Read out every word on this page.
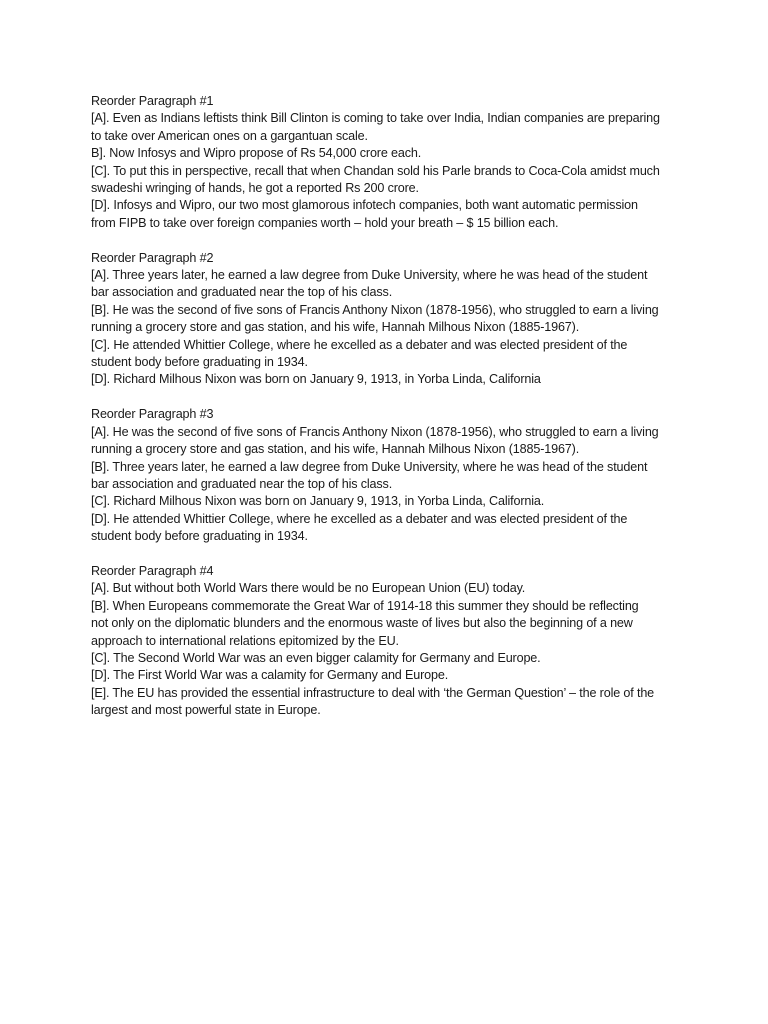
Reorder Paragraph #1

[A]. Even as Indians leftists think Bill Clinton is coming to take over India, Indian companies are preparing
to take over American ones on a gargantuan scale.

B]. Now Infosys and Wipro propose of Rs 54,000 crore each.

[C]. To put this in perspective, recall that when Chandan sold his Parle brands to Coca-Cola amidst much
swadeshi wringing of hands, he got a reported Rs 200 crore.

[D]. Infosys and Wipro, our two most glamorous infotech companies, both want automatic permission
from FIPB to take over foreign companies worth – hold your breath – $ 15 billion each.

Reorder Paragraph #2

[A]. Three years later, he earned a law degree from Duke University, where he was head of the student
bar association and graduated near the top of his class.

[B]. He was the second of five sons of Francis Anthony Nixon (1878-1956), who struggled to earn a living
running a grocery store and gas station, and his wife, Hannah Milhous Nixon (1885-1967).

[C]. He attended Whittier College, where he excelled as a debater and was elected president of the
student body before graduating in 1934.

[D]. Richard Milhous Nixon was born on January 9, 1913, in Yorba Linda, California

Reorder Paragraph #3

[A]. He was the second of five sons of Francis Anthony Nixon (1878-1956), who struggled to earn a living
running a grocery store and gas station, and his wife, Hannah Milhous Nixon (1885-1967).

[B]. Three years later, he earned a law degree from Duke University, where he was head of the student
bar association and graduated near the top of his class.

[C]. Richard Milhous Nixon was born on January 9, 1913, in Yorba Linda, California.

[D]. He attended Whittier College, where he excelled as a debater and was elected president of the
student body before graduating in 1934.

Reorder Paragraph #4

[A]. But without both World Wars there would be no European Union (EU) today.

[B]. When Europeans commemorate the Great War of 1914-18 this summer they should be reflecting
not only on the diplomatic blunders and the enormous waste of lives but also the beginning of a new
approach to international relations epitomized by the EU.

[C]. The Second World War was an even bigger calamity for Germany and Europe.

[D]. The First World War was a calamity for Germany and Europe.

[E]. The EU has provided the essential infrastructure to deal with ‘the German Question’ – the role of the
largest and most powerful state in Europe.
